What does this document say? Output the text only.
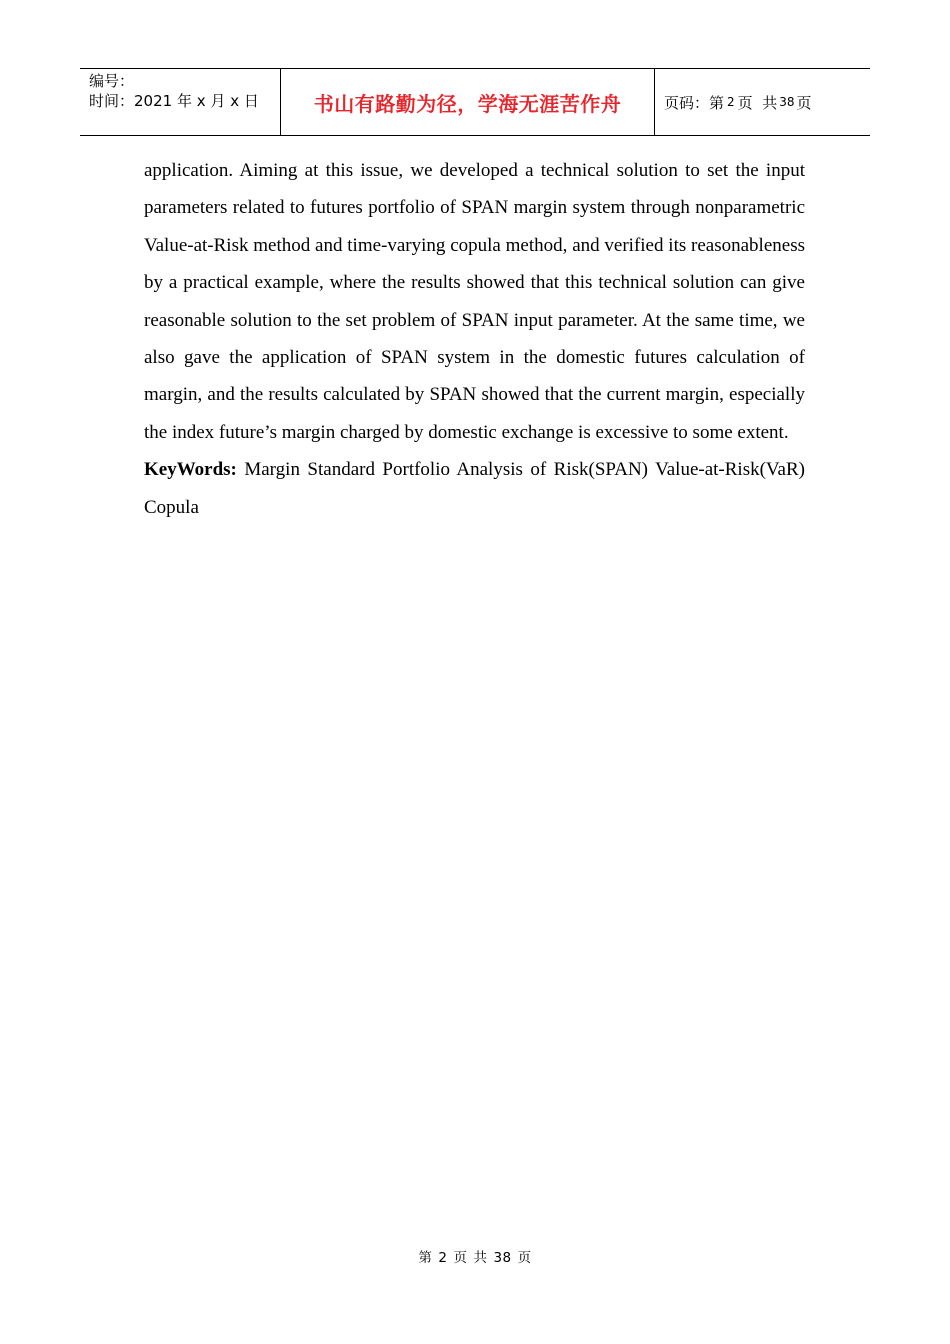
编号：
时间：2021 年 x 月 x 日	书山有路勤为径，学海无涯苦作舟	页码：第 2 页  共 38 页

application. Aiming at this issue, we developed a technical solution to set the input parameters related to futures portfolio of SPAN margin system through nonparametric Value-at-Risk method and time-varying copula method, and verified its reasonableness by a practical example, where the results showed that this technical solution can give reasonable solution to the set problem of SPAN input parameter. At the same time, we also gave the application of SPAN system in the domestic futures calculation of margin, and the results calculated by SPAN showed that the current margin, especially the index future’s margin charged by domestic exchange is excessive to some extent.

KeyWords: Margin Standard Portfolio Analysis of Risk(SPAN) Value-at-Risk(VaR)

Copula

第 2 页 共 38 页
